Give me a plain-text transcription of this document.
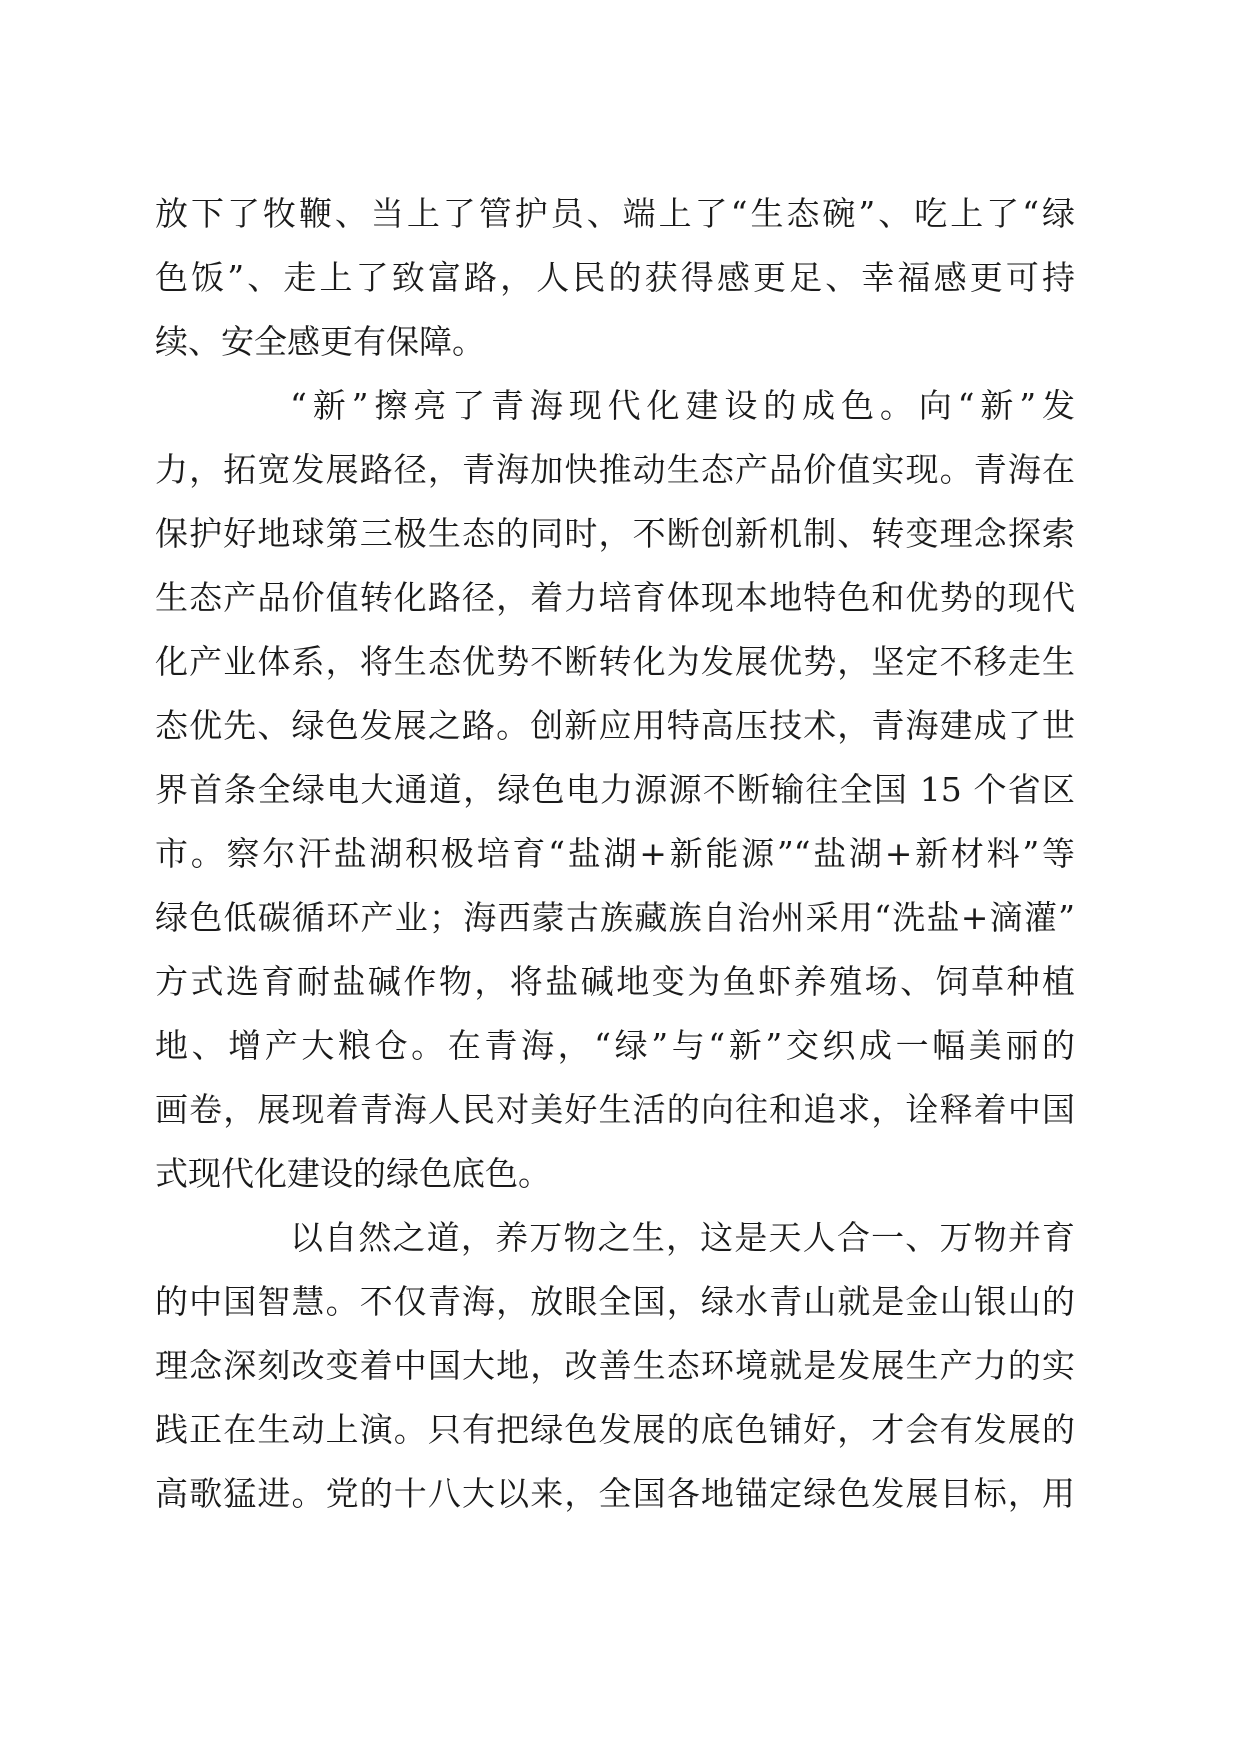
放下了牧鞭、当上了管护员、端上了“生态碗”、吃上了“绿
色饭”、走上了致富路，人民的获得感更足、幸福感更可持
续、安全感更有保障。
“新”擦亮了青海现代化建设的成色。向“新”发
力，拓宽发展路径，青海加快推动生态产品价值实现。青海在
保护好地球第三极生态的同时，不断创新机制、转变理念探索
生态产品价值转化路径，着力培育体现本地特色和优势的现代
化产业体系，将生态优势不断转化为发展优势，坚定不移走生
态优先、绿色发展之路。创新应用特高压技术，青海建成了世
界首条全绿电大通道，绿色电力源源不断输往全国 15 个省区
市。察尔汗盐湖积极培育“盐湖+新能源”“盐湖+新材料”等
绿色低碳循环产业；海西蒙古族藏族自治州采用“洗盐+滴灌”
方式选育耐盐碱作物，将盐碱地变为鱼虾养殖场、饲草种植
地、增产大粮仓。在青海，“绿”与“新”交织成一幅美丽的
画卷，展现着青海人民对美好生活的向往和追求，诠释着中国
式现代化建设的绿色底色。
以自然之道，养万物之生，这是天人合一、万物并育
的中国智慧。不仅青海，放眼全国，绿水青山就是金山银山的
理念深刻改变着中国大地，改善生态环境就是发展生产力的实
践正在生动上演。只有把绿色发展的底色铺好，才会有发展的
高歌猛进。党的十八大以来，全国各地锚定绿色发展目标，用
